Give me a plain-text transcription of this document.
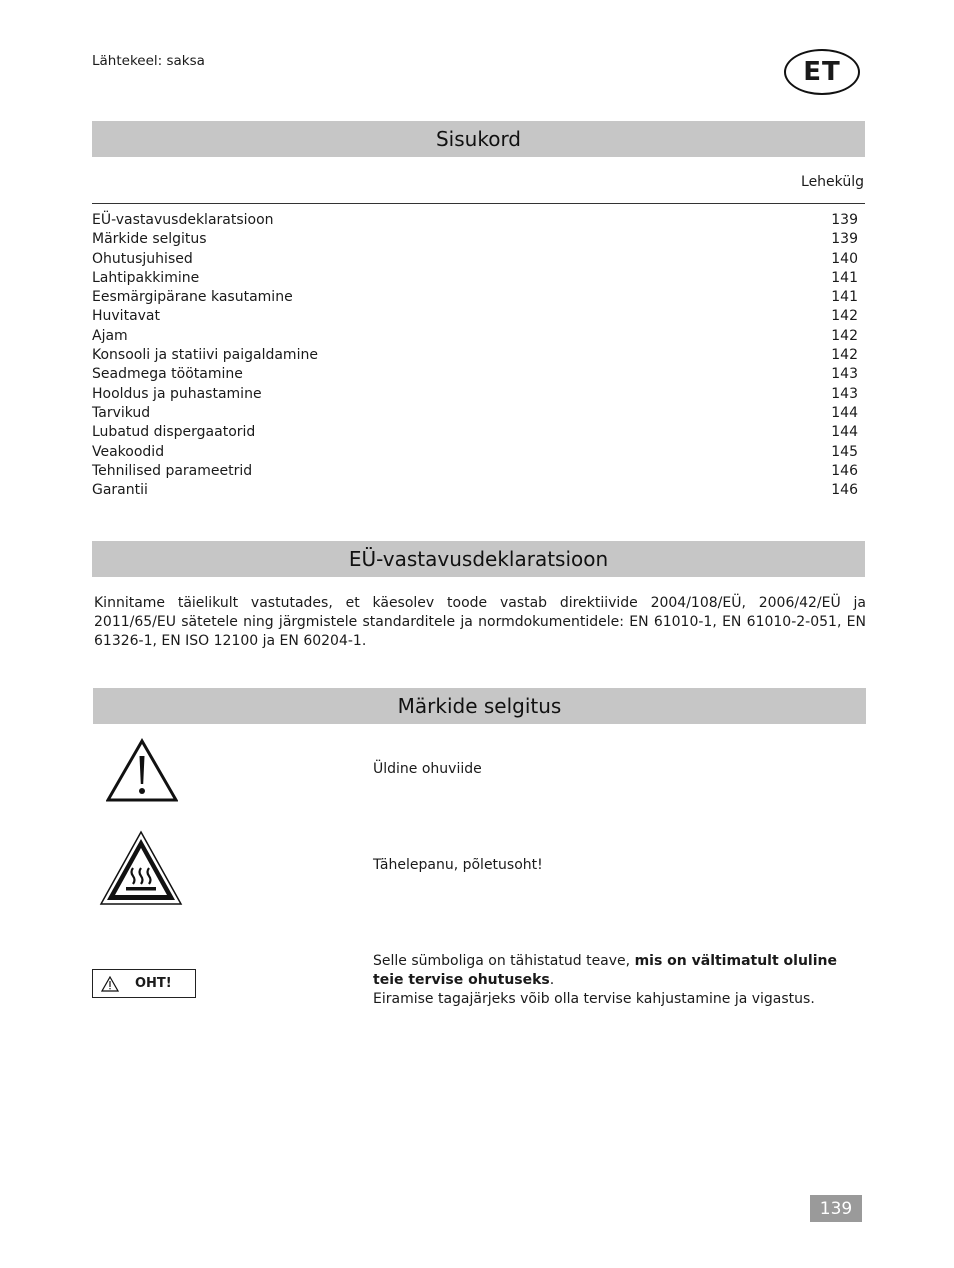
Lähtekeel: saksa	ET
Sisukord
Lehekülg
EÜ-vastavusdeklaratsioon	139
Märkide selgitus	139
Ohutusjuhised	140
Lahtipakkimine	141
Eesmärgipärane kasutamine	141
Huvitavat	142
Ajam	142
Konsooli ja statiivi paigaldamine	142
Seadmega töötamine	143
Hooldus ja puhastamine	143
Tarvikud	144
Lubatud dispergaatorid	144
Veakoodid	145
Tehnilised parameetrid	146
Garantii	146
EÜ-vastavusdeklaratsioon
Kinnitame täielikult vastutades, et käesolev toode vastab direktiivide 2004/108/EÜ, 2006/42/EÜ ja 2011/65/EU sätetele ning järgmistele standarditele ja normdokumentidele: EN 61010-1, EN 61010-2-051, EN 61326-1, EN ISO 12100 ja EN 60204-1.
Märkide selgitus
Üldine ohuviide
Tähelepanu, põletusoht!
OHT!
Selle sümboliga on tähistatud teave, mis on vältimatult oluline teie tervise ohutuseks.
Eiramise tagajärjeks võib olla tervise kahjustamine ja vigastus.
139
